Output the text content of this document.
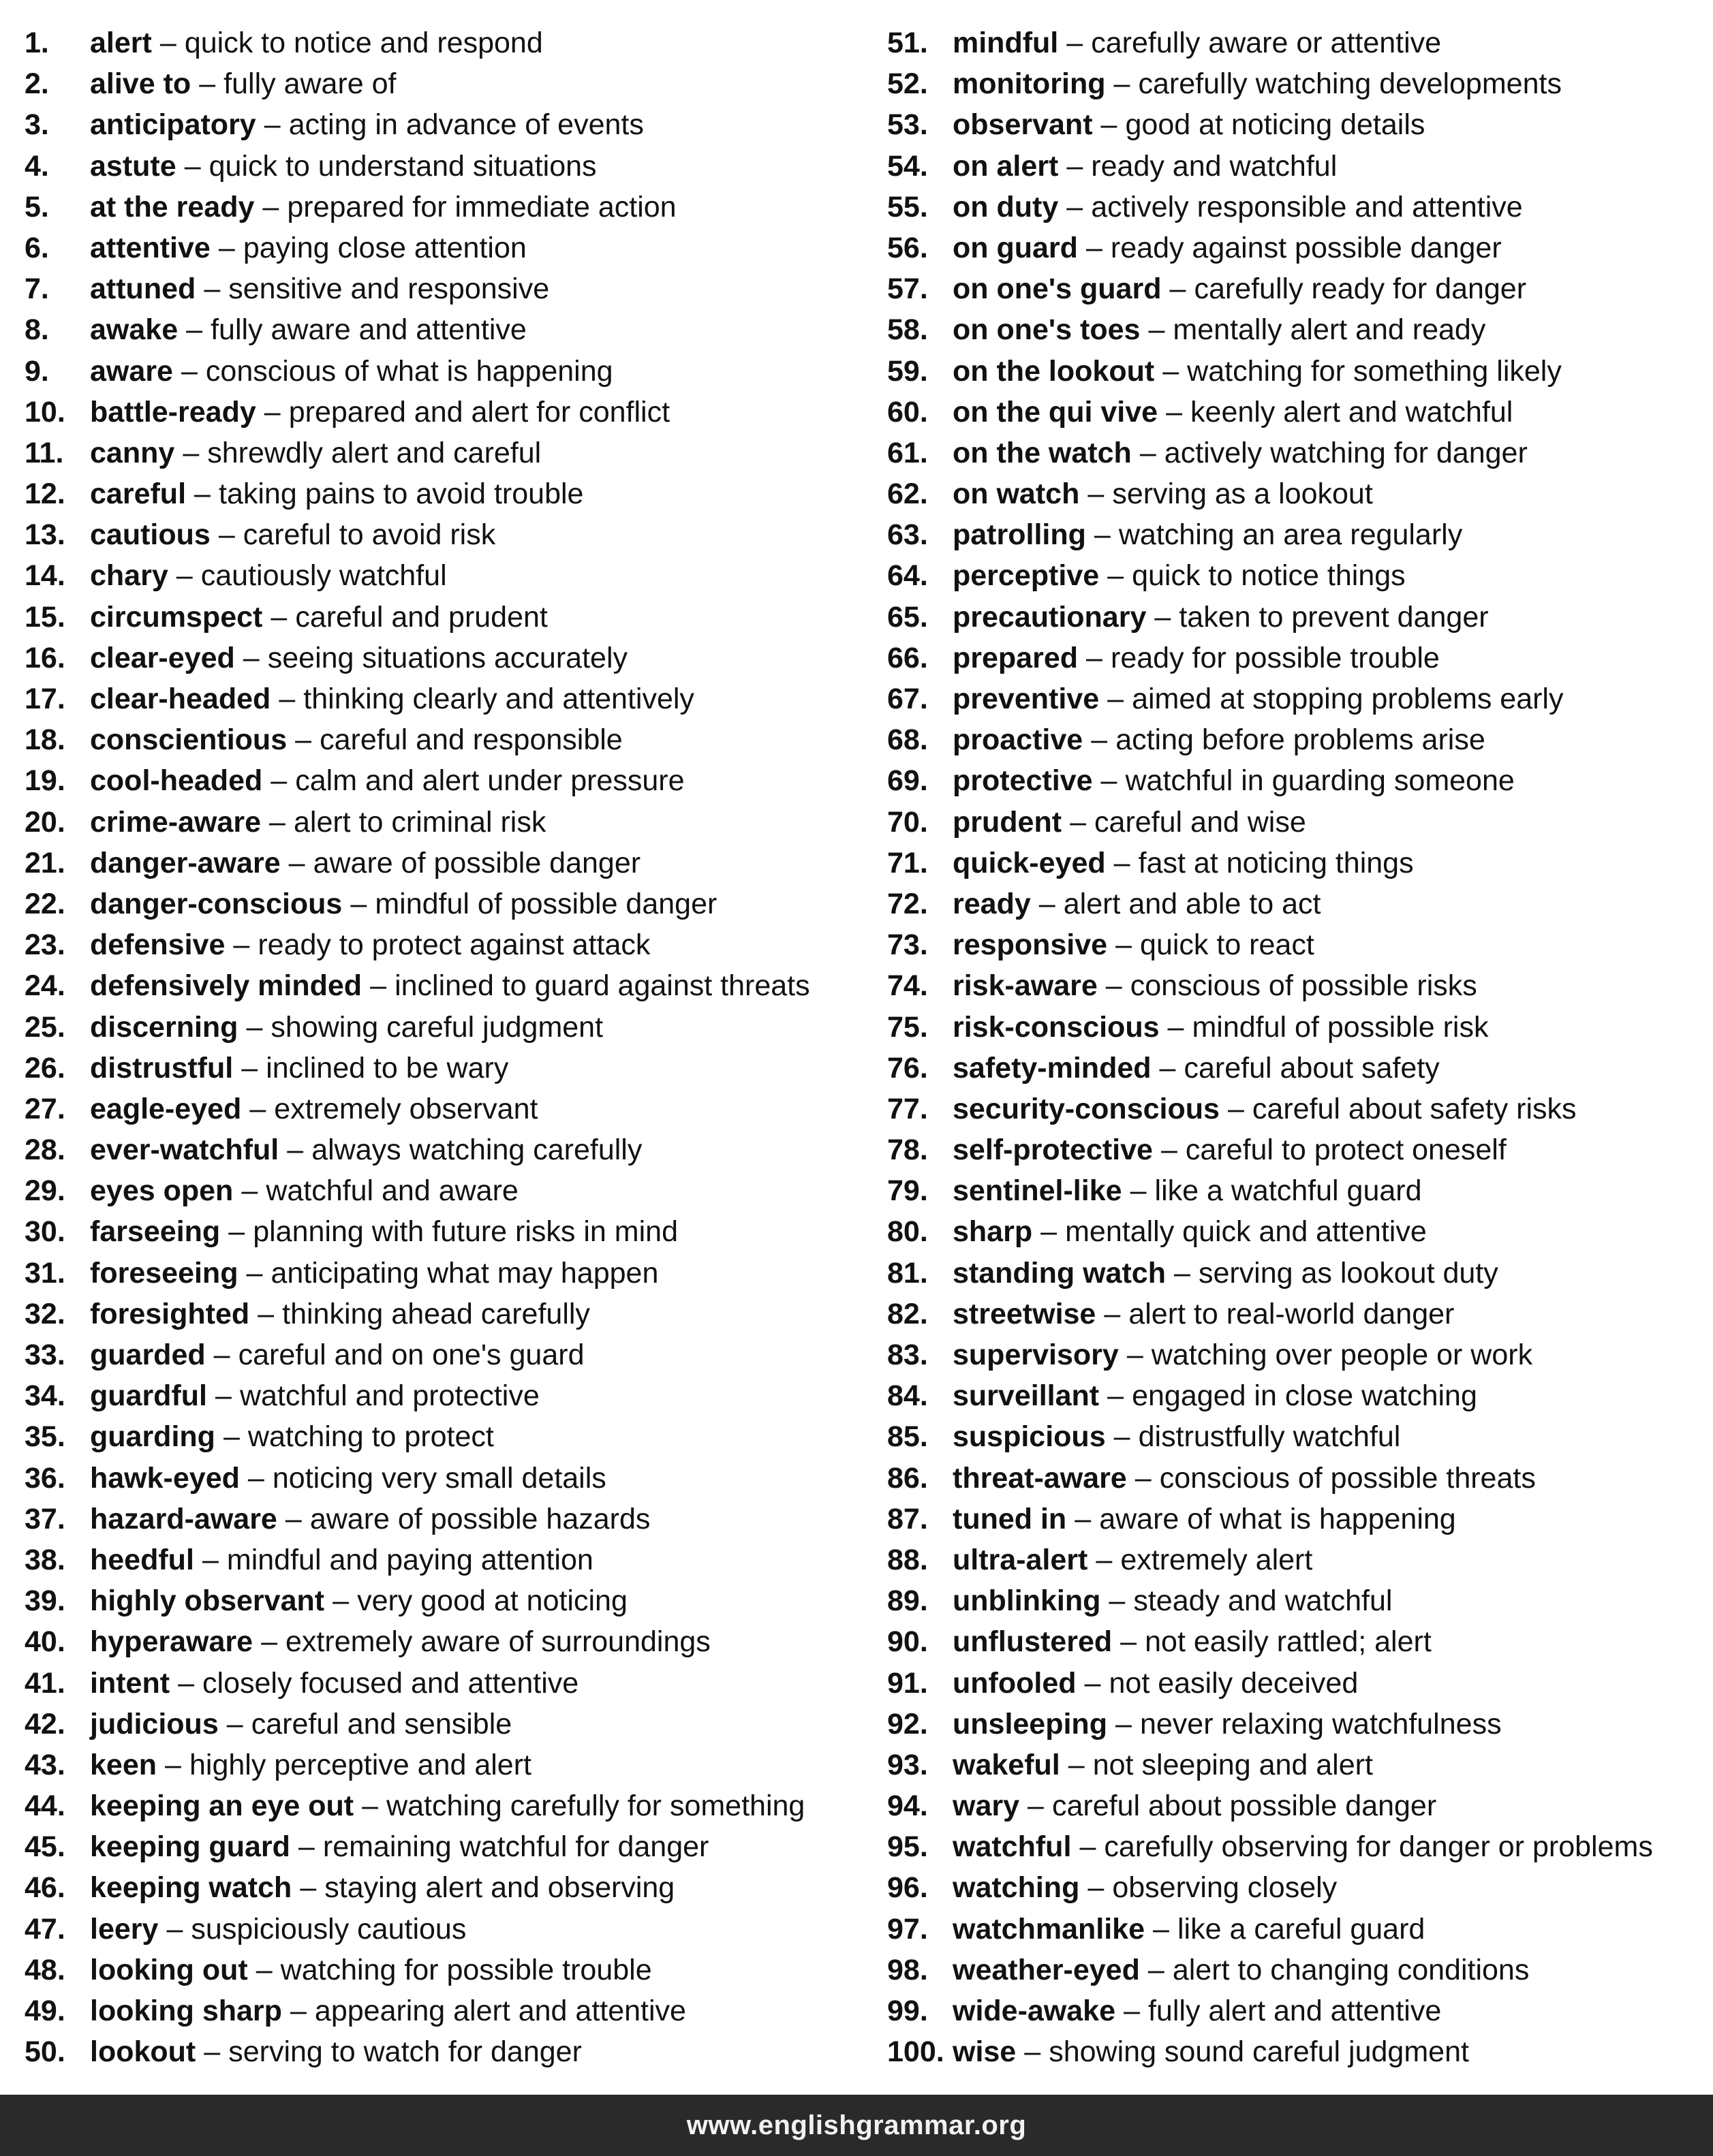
1.	alert – quick to notice and respond
2.	alive to – fully aware of
3.	anticipatory – acting in advance of events
4.	astute – quick to understand situations
5.	at the ready – prepared for immediate action
6.	attentive – paying close attention
7.	attuned – sensitive and responsive
8.	awake – fully aware and attentive
9.	aware – conscious of what is happening
10. battle-ready – prepared and alert for conflict
11. canny – shrewdly alert and careful
12. careful – taking pains to avoid trouble
13. cautious – careful to avoid risk
14. chary – cautiously watchful
15. circumspect – careful and prudent
16. clear-eyed – seeing situations accurately
17. clear-headed – thinking clearly and attentively
18. conscientious – careful and responsible
19. cool-headed – calm and alert under pressure
20. crime-aware – alert to criminal risk
21. danger-aware – aware of possible danger
22. danger-conscious – mindful of possible danger
23. defensive – ready to protect against attack
24. defensively minded – inclined to guard against threats
25. discerning – showing careful judgment
26. distrustful – inclined to be wary
27. eagle-eyed – extremely observant
28. ever-watchful – always watching carefully
29. eyes open – watchful and aware
30. farseeing – planning with future risks in mind
31. foreseeing – anticipating what may happen
32. foresighted – thinking ahead carefully
33. guarded – careful and on one's guard
34. guardful – watchful and protective
35. guarding – watching to protect
36. hawk-eyed – noticing very small details
37. hazard-aware – aware of possible hazards
38. heedful – mindful and paying attention
39. highly observant – very good at noticing
40. hyperaware – extremely aware of surroundings
41. intent – closely focused and attentive
42. judicious – careful and sensible
43. keen – highly perceptive and alert
44. keeping an eye out – watching carefully for something
45. keeping guard – remaining watchful for danger
46. keeping watch – staying alert and observing
47. leery – suspiciously cautious
48. looking out – watching for possible trouble
49. looking sharp – appearing alert and attentive
50. lookout – serving to watch for danger
51. mindful – carefully aware or attentive
52. monitoring – carefully watching developments
53. observant – good at noticing details
54. on alert – ready and watchful
55. on duty – actively responsible and attentive
56. on guard – ready against possible danger
57. on one's guard – carefully ready for danger
58. on one's toes – mentally alert and ready
59. on the lookout – watching for something likely
60. on the qui vive – keenly alert and watchful
61. on the watch – actively watching for danger
62. on watch – serving as a lookout
63. patrolling – watching an area regularly
64. perceptive – quick to notice things
65. precautionary – taken to prevent danger
66. prepared – ready for possible trouble
67. preventive – aimed at stopping problems early
68. proactive – acting before problems arise
69. protective – watchful in guarding someone
70. prudent – careful and wise
71. quick-eyed – fast at noticing things
72. ready – alert and able to act
73. responsive – quick to react
74. risk-aware – conscious of possible risks
75. risk-conscious – mindful of possible risk
76. safety-minded – careful about safety
77. security-conscious – careful about safety risks
78. self-protective – careful to protect oneself
79. sentinel-like – like a watchful guard
80. sharp – mentally quick and attentive
81. standing watch – serving as lookout duty
82. streetwise – alert to real-world danger
83. supervisory – watching over people or work
84. surveillant – engaged in close watching
85. suspicious – distrustfully watchful
86. threat-aware – conscious of possible threats
87. tuned in – aware of what is happening
88. ultra-alert – extremely alert
89. unblinking – steady and watchful
90. unflustered – not easily rattled; alert
91. unfooled – not easily deceived
92. unsleeping – never relaxing watchfulness
93. wakeful – not sleeping and alert
94. wary – careful about possible danger
95. watchful – carefully observing for danger or problems
96. watching – observing closely
97. watchmanlike – like a careful guard
98. weather-eyed – alert to changing conditions
99. wide-awake – fully alert and attentive
100. wise – showing sound careful judgment
www.englishgrammar.org
